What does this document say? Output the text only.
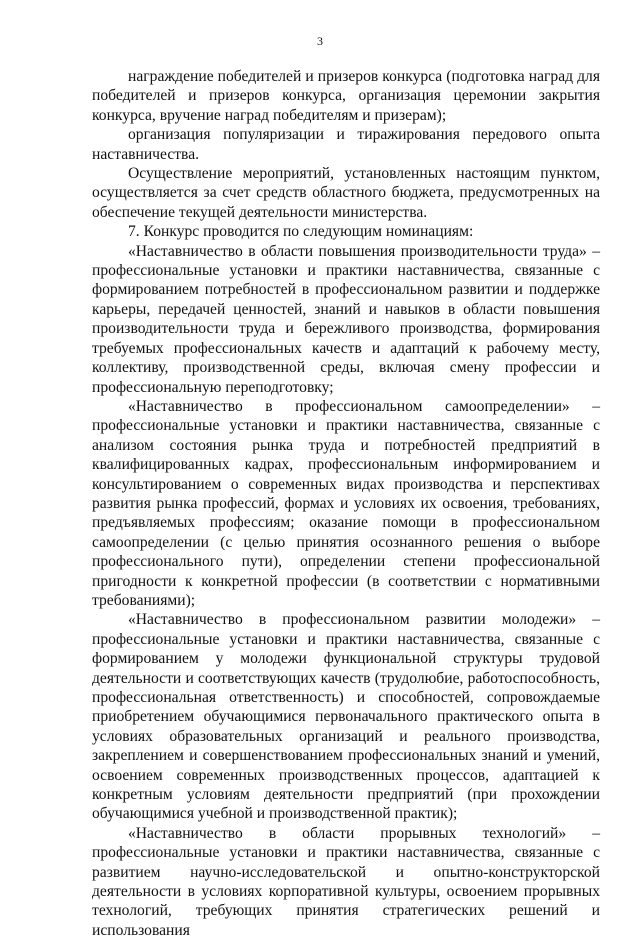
3

награждение победителей и призеров конкурса (подготовка наград для победителей и призеров конкурса, организация церемонии закрытия конкурса, вручение наград победителям и призерам);

организация популяризации и тиражирования передового опыта наставничества.

Осуществление мероприятий, установленных настоящим пунктом, осуществляется за счет средств областного бюджета, предусмотренных на обеспечение текущей деятельности министерства.

7. Конкурс проводится по следующим номинациям:

«Наставничество в области повышения производительности труда» – профессиональные установки и практики наставничества, связанные с формированием потребностей в профессиональном развитии и поддержке карьеры, передачей ценностей, знаний и навыков в области повышения производительности труда и бережливого производства, формирования требуемых профессиональных качеств и адаптаций к рабочему месту, коллективу, производственной среды, включая смену профессии и профессиональную переподготовку;

«Наставничество в профессиональном самоопределении» – профессиональные установки и практики наставничества, связанные с анализом состояния рынка труда и потребностей предприятий в квалифицированных кадрах, профессиональным информированием и консультированием о современных видах производства и перспективах развития рынка профессий, формах и условиях их освоения, требованиях, предъявляемых профессиям; оказание помощи в профессиональном самоопределении (с целью принятия осознанного решения о выборе профессионального пути), определении степени профессиональной пригодности к конкретной профессии (в соответствии с нормативными требованиями);

«Наставничество в профессиональном развитии молодежи» – профессиональные установки и практики наставничества, связанные с формированием у молодежи функциональной структуры трудовой деятельности и соответствующих качеств (трудолюбие, работоспособность, профессиональная ответственность) и способностей, сопровождаемые приобретением обучающимися первоначального практического опыта в условиях образовательных организаций и реального производства, закреплением и совершенствованием профессиональных знаний и умений, освоением современных производственных процессов, адаптацией к конкретным условиям деятельности предприятий (при прохождении обучающимися учебной и производственной практик);

«Наставничество в области прорывных технологий» – профессиональные установки и практики наставничества, связанные с развитием научно-исследовательской и опытно-конструкторской деятельности в условиях корпоративной культуры, освоением прорывных технологий, требующих принятия стратегических решений и использования
